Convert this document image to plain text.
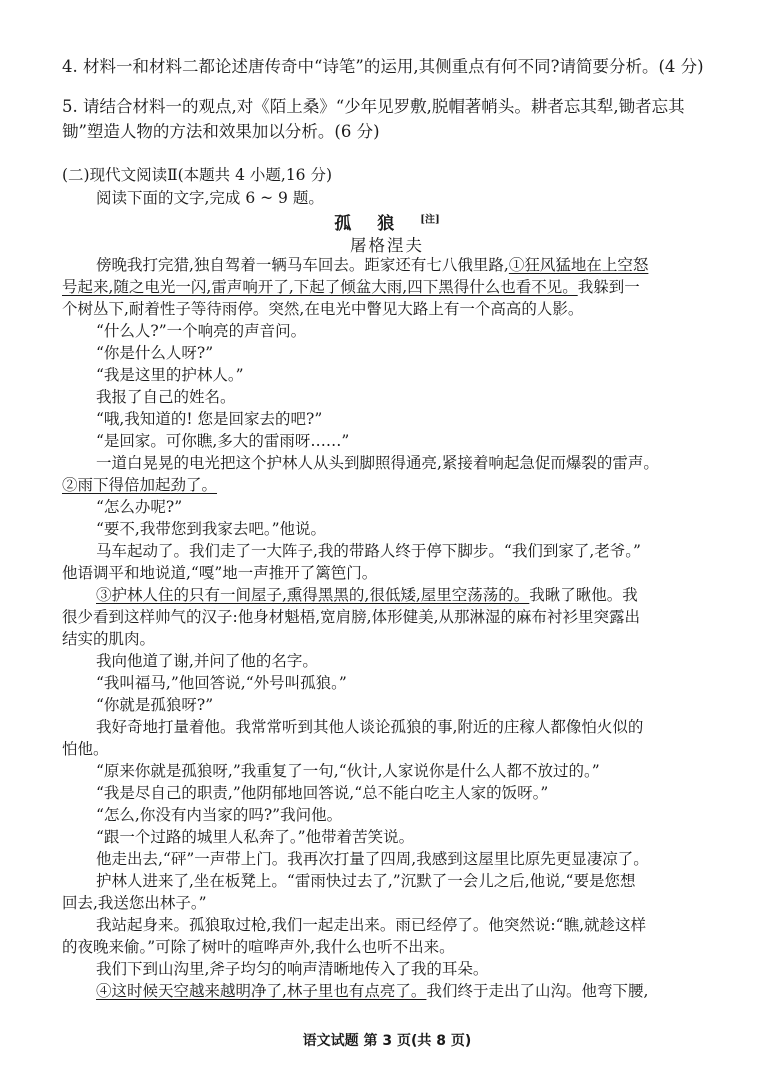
4. 材料一和材料二都论述唐传奇中“诗笔”的运用,其侧重点有何不同?请简要分析。(4 分)
5. 请结合材料一的观点,对《陌上桑》“少年见罗敷,脱帽著帩头。耕者忘其犁,锄者忘其
锄”塑造人物的方法和效果加以分析。(6 分)
(二)现代文阅读Ⅱ(本题共 4 小题,16 分)
阅读下面的文字,完成 6 ~ 9 题。
孤狼[注]
屠格涅夫
傍晚我打完猎,独自驾着一辆马车回去。距家还有七八俄里路,①狂风猛地在上空怒
号起来,随之电光一闪,雷声响开了,下起了倾盆大雨,四下黑得什么也看不见。我躲到一
个树丛下,耐着性子等待雨停。突然,在电光中瞥见大路上有一个高高的人影。
“什么人?”一个响亮的声音问。
“你是什么人呀?”
“我是这里的护林人。”
我报了自己的姓名。
“哦,我知道的! 您是回家去的吧?”
“是回家。可你瞧,多大的雷雨呀……”
一道白晃晃的电光把这个护林人从头到脚照得通亮,紧接着响起急促而爆裂的雷声。
②雨下得倍加起劲了。
“怎么办呢?”
“要不,我带您到我家去吧。”他说。
马车起动了。我们走了一大阵子,我的带路人终于停下脚步。“我们到家了,老爷。”
他语调平和地说道,“嘎”地一声推开了篱笆门。
③护林人住的只有一间屋子,熏得黑黑的,很低矮,屋里空荡荡的。我瞅了瞅他。我
很少看到这样帅气的汉子:他身材魁梧,宽肩膀,体形健美,从那淋湿的麻布衬衫里突露出
结实的肌肉。
我向他道了谢,并问了他的名字。
“我叫福马,”他回答说,“外号叫孤狼。”
“你就是孤狼呀?”
我好奇地打量着他。我常常听到其他人谈论孤狼的事,附近的庄稼人都像怕火似的
怕他。
“原来你就是孤狼呀,”我重复了一句,“伙计,人家说你是什么人都不放过的。”
“我是尽自己的职责,”他阴郁地回答说,“总不能白吃主人家的饭呀。”
“怎么,你没有内当家的吗?”我问他。
“跟一个过路的城里人私奔了。”他带着苦笑说。
他走出去,“砰”一声带上门。我再次打量了四周,我感到这屋里比原先更显凄凉了。
护林人进来了,坐在板凳上。“雷雨快过去了,”沉默了一会儿之后,他说,“要是您想
回去,我送您出林子。”
我站起身来。孤狼取过枪,我们一起走出来。雨已经停了。他突然说:“瞧,就趁这样
的夜晚来偷。”可除了树叶的喧哗声外,我什么也听不出来。
我们下到山沟里,斧子均匀的响声清晰地传入了我的耳朵。
④这时候天空越来越明净了,林子里也有点亮了。我们终于走出了山沟。他弯下腰,
语文试题 第 3 页(共 8 页)
